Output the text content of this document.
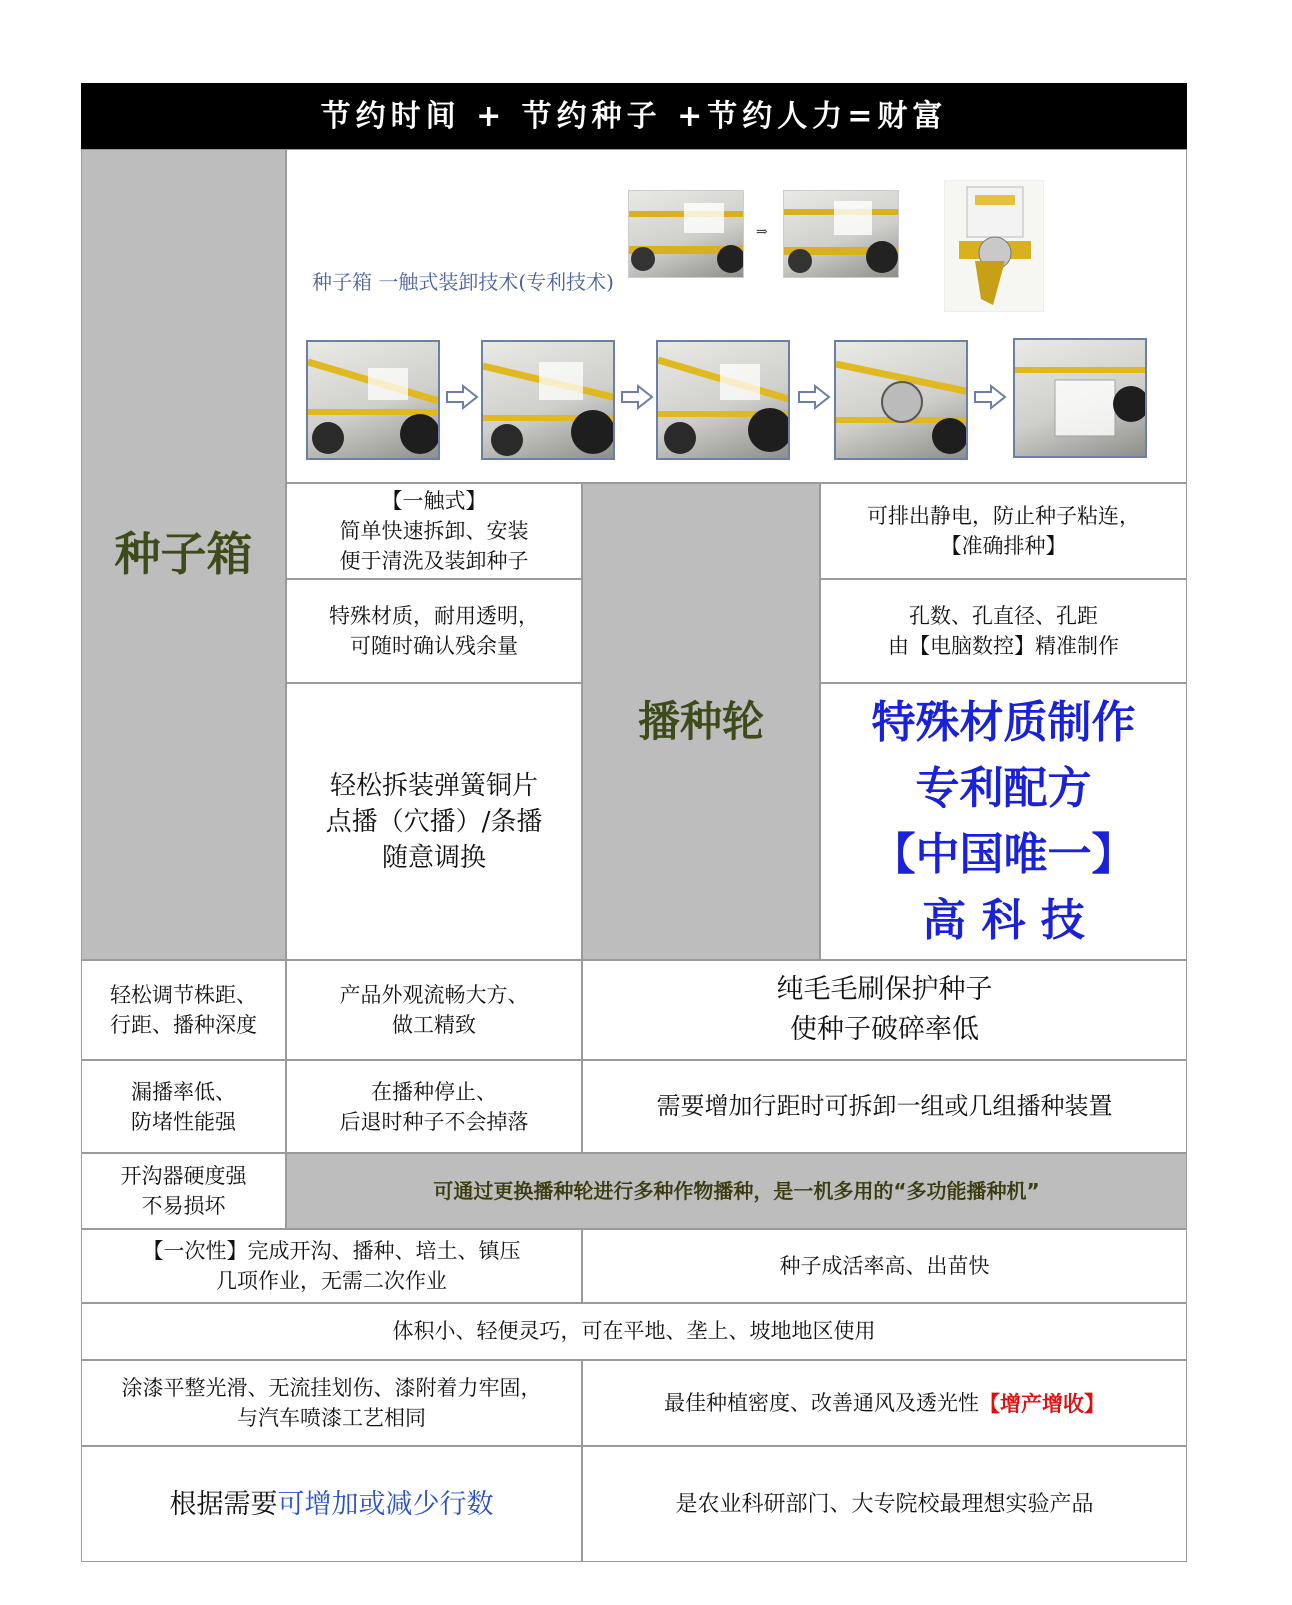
节约时间 + 节约种子 +节约人力=财富
种子箱
种子箱 一触式装卸技术(专利技术)
⇒
【一触式】
简单快速拆卸、安装
便于清洗及装卸种子
特殊材质，耐用透明，
可随时确认残余量
轻松拆装弹簧铜片
点播（穴播）/条播
随意调换
播种轮
可排出静电，防止种子粘连，
【准确排种】
孔数、孔直径、孔距
由【电脑数控】精准制作
特殊材质制作
专利配方
【中国唯一】
高 科 技
轻松调节株距、
行距、播种深度
产品外观流畅大方、
做工精致
纯毛毛刷保护种子
使种子破碎率低
漏播率低、
防堵性能强
在播种停止、
后退时种子不会掉落
需要增加行距时可拆卸一组或几组播种装置
开沟器硬度强
不易损坏
可通过更换播种轮进行多种作物播种，是一机多用的“多功能播种机”
【一次性】完成开沟、播种、培土、镇压
几项作业，无需二次作业
种子成活率高、出苗快
体积小、轻便灵巧，可在平地、垄上、坡地地区使用
涂漆平整光滑、无流挂划伤、漆附着力牢固，
与汽车喷漆工艺相同
最佳种植密度、改善通风及透光性 【增产增收】
根据需要 可增加或减少行数	是农业科研部门、大专院校最理想实验产品
